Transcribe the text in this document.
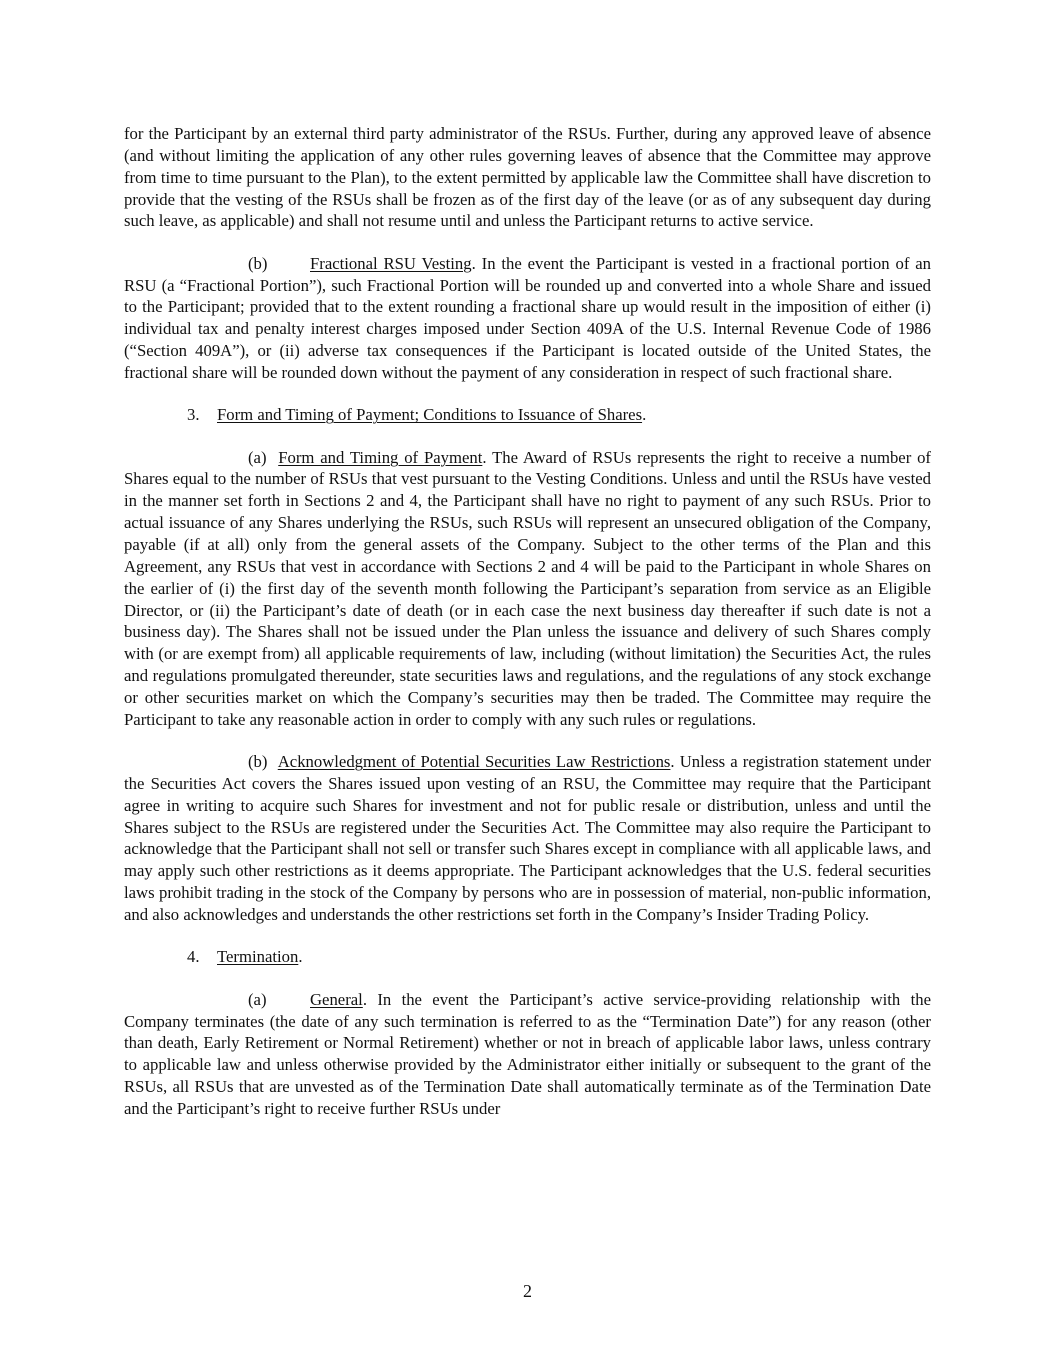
for the Participant by an external third party administrator of the RSUs. Further, during any approved leave of absence (and without limiting the application of any other rules governing leaves of absence that the Committee may approve from time to time pursuant to the Plan), to the extent permitted by applicable law the Committee shall have discretion to provide that the vesting of the RSUs shall be frozen as of the first day of the leave (or as of any subsequent day during such leave, as applicable) and shall not resume until and unless the Participant returns to active service.

(b)	Fractional RSU Vesting. In the event the Participant is vested in a fractional portion of an RSU (a “Fractional Portion”), such Fractional Portion will be rounded up and converted into a whole Share and issued to the Participant; provided that to the extent rounding a fractional share up would result in the imposition of either (i) individual tax and penalty interest charges imposed under Section 409A of the U.S. Internal Revenue Code of 1986 (“Section 409A”), or (ii) adverse tax consequences if the Participant is located outside of the United States, the fractional share will be rounded down without the payment of any consideration in respect of such fractional share.

3. Form and Timing of Payment; Conditions to Issuance of Shares.

(a) Form and Timing of Payment. The Award of RSUs represents the right to receive a number of Shares equal to the number of RSUs that vest pursuant to the Vesting Conditions. Unless and until the RSUs have vested in the manner set forth in Sections 2 and 4, the Participant shall have no right to payment of any such RSUs. Prior to actual issuance of any Shares underlying the RSUs, such RSUs will represent an unsecured obligation of the Company, payable (if at all) only from the general assets of the Company. Subject to the other terms of the Plan and this Agreement, any RSUs that vest in accordance with Sections 2 and 4 will be paid to the Participant in whole Shares on the earlier of (i) the first day of the seventh month following the Participant’s separation from service as an Eligible Director, or (ii) the Participant’s date of death (or in each case the next business day thereafter if such date is not a business day). The Shares shall not be issued under the Plan unless the issuance and delivery of such Shares comply with (or are exempt from) all applicable requirements of law, including (without limitation) the Securities Act, the rules and regulations promulgated thereunder, state securities laws and regulations, and the regulations of any stock exchange or other securities market on which the Company’s securities may then be traded. The Committee may require the Participant to take any reasonable action in order to comply with any such rules or regulations.

(b) Acknowledgment of Potential Securities Law Restrictions. Unless a registration statement under the Securities Act covers the Shares issued upon vesting of an RSU, the Committee may require that the Participant agree in writing to acquire such Shares for investment and not for public resale or distribution, unless and until the Shares subject to the RSUs are registered under the Securities Act. The Committee may also require the Participant to acknowledge that the Participant shall not sell or transfer such Shares except in compliance with all applicable laws, and may apply such other restrictions as it deems appropriate. The Participant acknowledges that the U.S. federal securities laws prohibit trading in the stock of the Company by persons who are in possession of material, non-public information, and also acknowledges and understands the other restrictions set forth in the Company’s Insider Trading Policy.

4. Termination.

(a)	General. In the event the Participant’s active service-providing relationship with the Company terminates (the date of any such termination is referred to as the “Termination Date”) for any reason (other than death, Early Retirement or Normal Retirement) whether or not in breach of applicable labor laws, unless contrary to applicable law and unless otherwise provided by the Administrator either initially or subsequent to the grant of the RSUs, all RSUs that are unvested as of the Termination Date shall automatically terminate as of the Termination Date and the Participant’s right to receive further RSUs under

2
